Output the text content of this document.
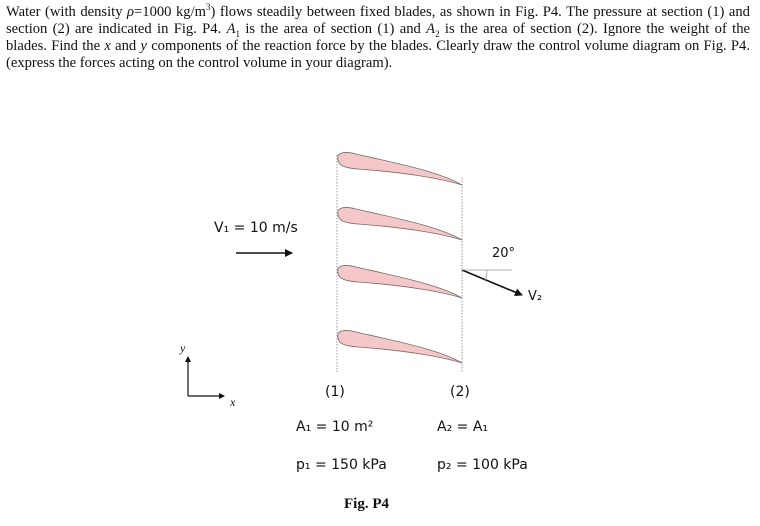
Water (with density ρ=1000 $kg/m^3$) flows steadily between fixed blades, as shown in Fig. P4. The pressure at section (1) and section (2) are indicated in Fig. P4. $A_1$ is the area of section (1) and $A_2$ is the area of section (2). Ignore the weight of the blades. Find the x and y components of the reaction force by the blades. Clearly draw the control volume diagram on Fig. P4. (express the forces acting on the control volume in your diagram).

V₁ = 10 m/s
20°
V₂
y
x
(1)	(2)
A₁ = 10 m²	A₂ = A₁
p₁ = 150 kPa	p₂ = 100 kPa
Fig. P4
